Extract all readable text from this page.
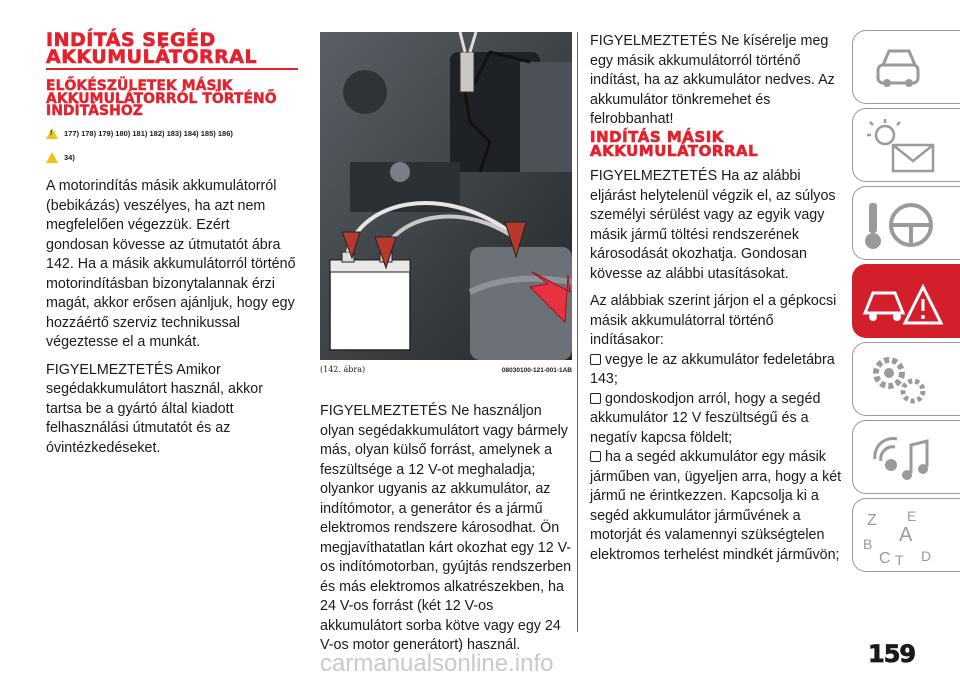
INDÍTÁS SEGÉD AKKUMULÁTORRAL
ELŐKÉSZÜLETEK MÁSIK AKKUMULÁTORRÓL TÖRTÉNŐ INDÍTÁSHOZ
!
177) 178) 179) 180) 181) 182) 183) 184) 185) 186)
34)

A motorindítás másik akkumulátorról (bebikázás) veszélyes, ha azt nem megfelelően végezzük. Ezért gondosan kövesse az útmutatót ábra 142. Ha a másik akkumulátorról történő motorindításban bizonytalannak érzi magát, akkor erősen ajánljuk, hogy egy hozzáértő szerviz technikussal végeztesse el a munkát.

FIGYELMEZTETÉS Amikor segédakkumulátort használ, akkor tartsa be a gyártó által kiadott felhasználási útmutatót és az óvintézkedéseket.

(142. ábra)	08030100-121-001-1AB

FIGYELMEZTETÉS Ne használjon olyan segédakkumulátort vagy bármely más, olyan külső forrást, amelynek a feszültsége a 12 V-ot meghaladja; olyankor ugyanis az akkumulátor, az indítómotor, a generátor és a jármű elektromos rendszere károsodhat. Ön megjavíthatatlan kárt okozhat egy 12 V-os indítómotorban, gyújtás rendszerben és más elektromos alkatrészekben, ha 24 V-os forrást (két 12 V-os akkumulátort sorba kötve vagy egy 24 V-os motor generátort) használ.

FIGYELMEZTETÉS Ne kísérelje meg egy másik akkumulátorról történő indítást, ha az akkumulátor nedves. Az akkumulátor tönkremehet és felrobbanhat!

INDÍTÁS MÁSIK AKKUMULÁTORRAL

FIGYELMEZTETÉS Ha az alábbi eljárást helytelenül végzik el, az súlyos személyi sérülést vagy az egyik vagy másik jármű töltési rendszerének károsodását okozhatja. Gondosan kövesse az alábbi utasításokat.

Az alábbiak szerint járjon el a gépkocsi másik akkumulátorral történő indításakor:

vegye le az akkumulátor fedeletábra 143;

gondoskodjon arról, hogy a segéd akkumulátor 12 V feszültségű és a negatív kapcsa földelt;

ha a segéd akkumulátor egy másik járműben van, ügyeljen arra, hogy a két jármű ne érintkezzen. Kapcsolja ki a segéd akkumulátor járművének a motorját és valamennyi szükségtelen elektromos terhelést mindkét járművön;

Z E
A
B
C T D
159
carmanualsonline.info
